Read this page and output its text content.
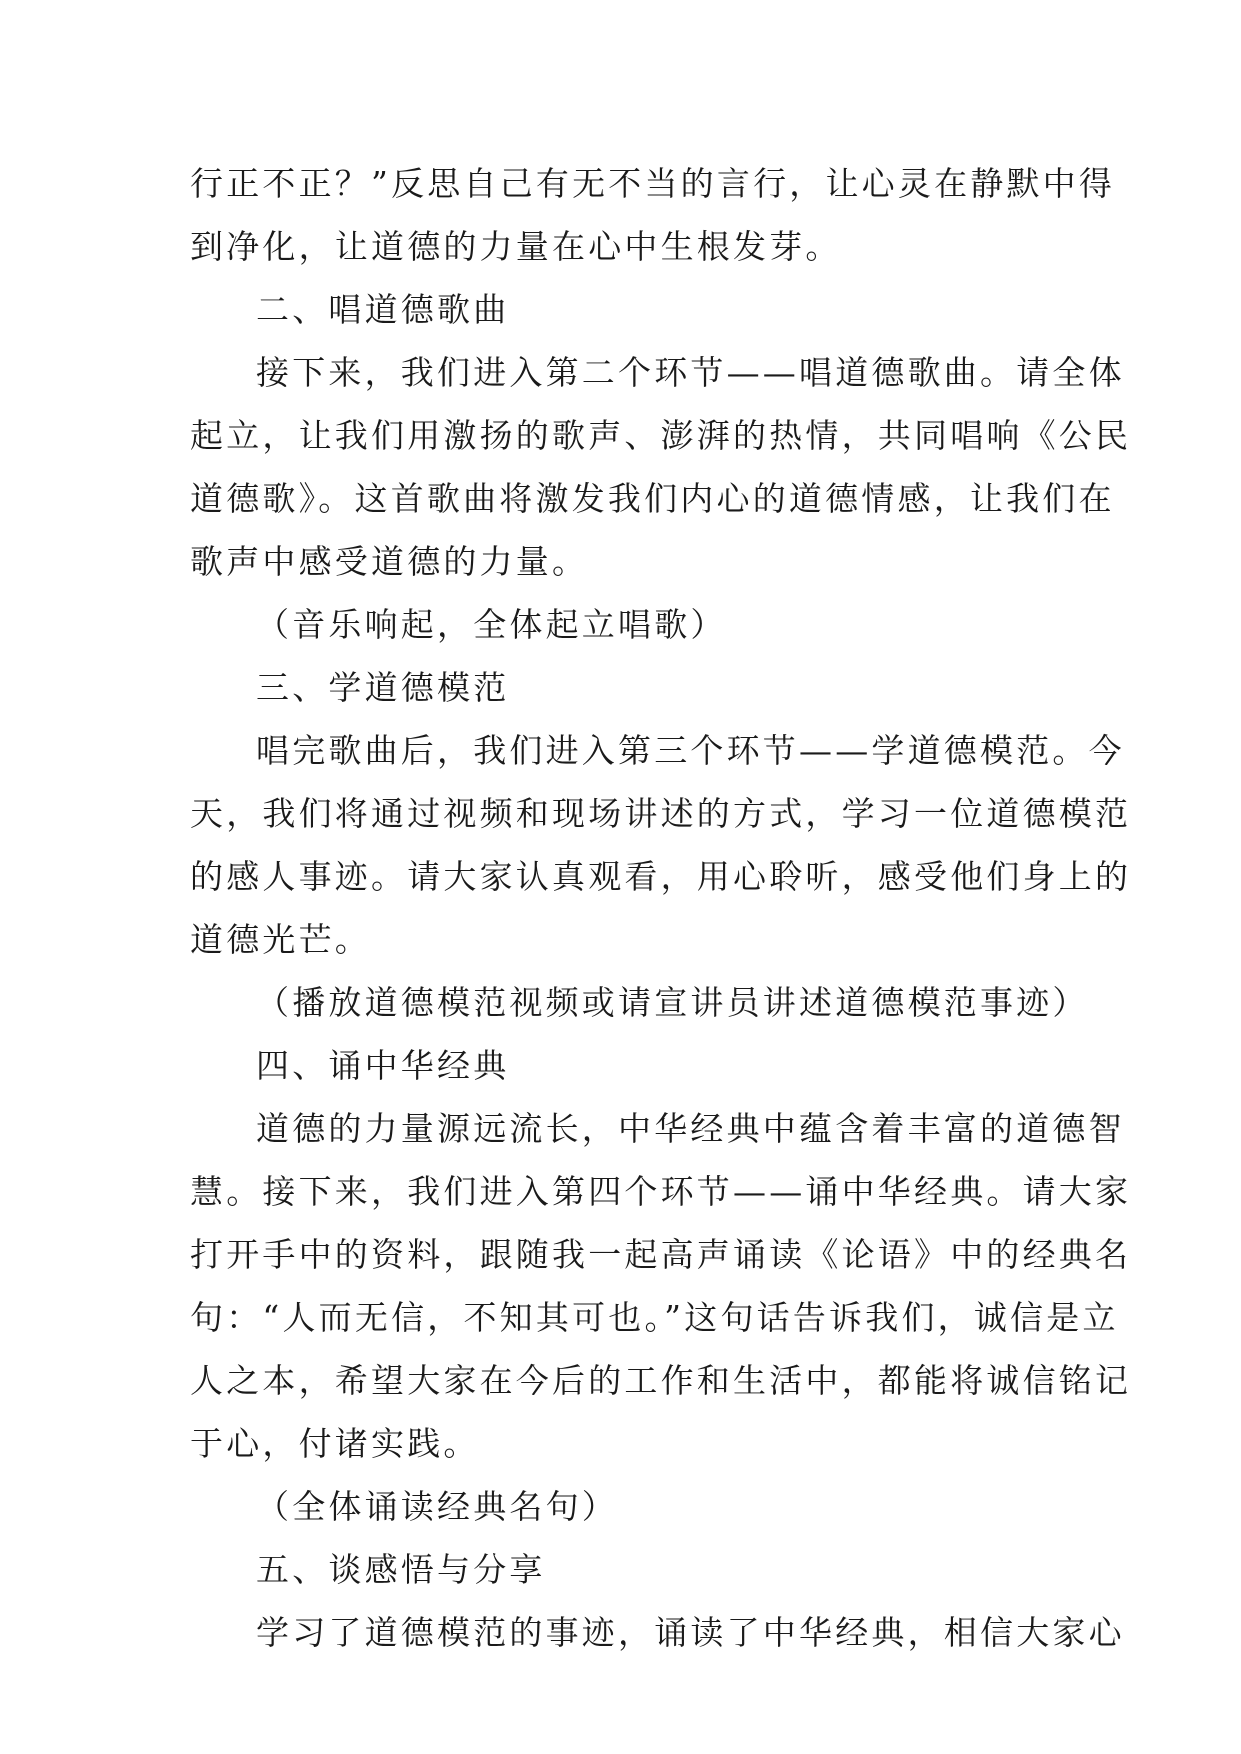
行正不正？”反思自己有无不当的言行，让心灵在静默中得
到净化，让道德的力量在心中生根发芽。
二、唱道德歌曲
接下来，我们进入第二个环节——唱道德歌曲。请全体
起立，让我们用激扬的歌声、澎湃的热情，共同唱响《公民
道德歌》。这首歌曲将激发我们内心的道德情感，让我们在
歌声中感受道德的力量。
（音乐响起，全体起立唱歌）
三、学道德模范
唱完歌曲后，我们进入第三个环节——学道德模范。今
天，我们将通过视频和现场讲述的方式，学习一位道德模范
的感人事迹。请大家认真观看，用心聆听，感受他们身上的
道德光芒。
（播放道德模范视频或请宣讲员讲述道德模范事迹）
四、诵中华经典
道德的力量源远流长，中华经典中蕴含着丰富的道德智
慧。接下来，我们进入第四个环节——诵中华经典。请大家
打开手中的资料，跟随我一起高声诵读《论语》中的经典名
句：“人而无信，不知其可也。”这句话告诉我们，诚信是立
人之本，希望大家在今后的工作和生活中，都能将诚信铭记
于心，付诸实践。
（全体诵读经典名句）
五、谈感悟与分享
学习了道德模范的事迹，诵读了中华经典，相信大家心
